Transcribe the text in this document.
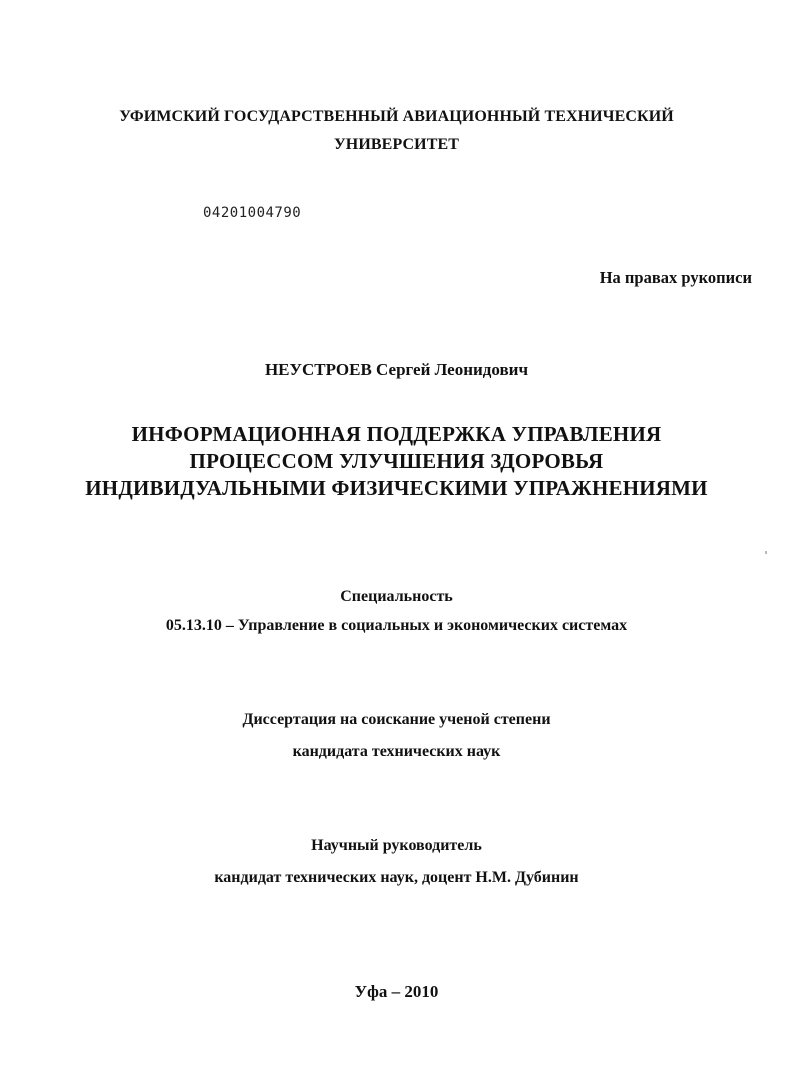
УФИМСКИЙ ГОСУДАРСТВЕННЫЙ АВИАЦИОННЫЙ ТЕХНИЧЕСКИЙ

УНИВЕРСИТЕТ

04201004790
На правах рукописи

НЕУСТРОЕВ Сергей Леонидович

ИНФОРМАЦИОННАЯ ПОДДЕРЖКА УПРАВЛЕНИЯ

ПРОЦЕССОМ УЛУЧШЕНИЯ ЗДОРОВЬЯ

ИНДИВИДУАЛЬНЫМИ ФИЗИЧЕСКИМИ УПРАЖНЕНИЯМИ

Специальность

05.13.10 – Управление в социальных и экономических системах

Диссертация на соискание ученой степени

кандидата технических наук

Научный руководитель

кандидат технических наук, доцент Н.М. Дубинин

Уфа – 2010
